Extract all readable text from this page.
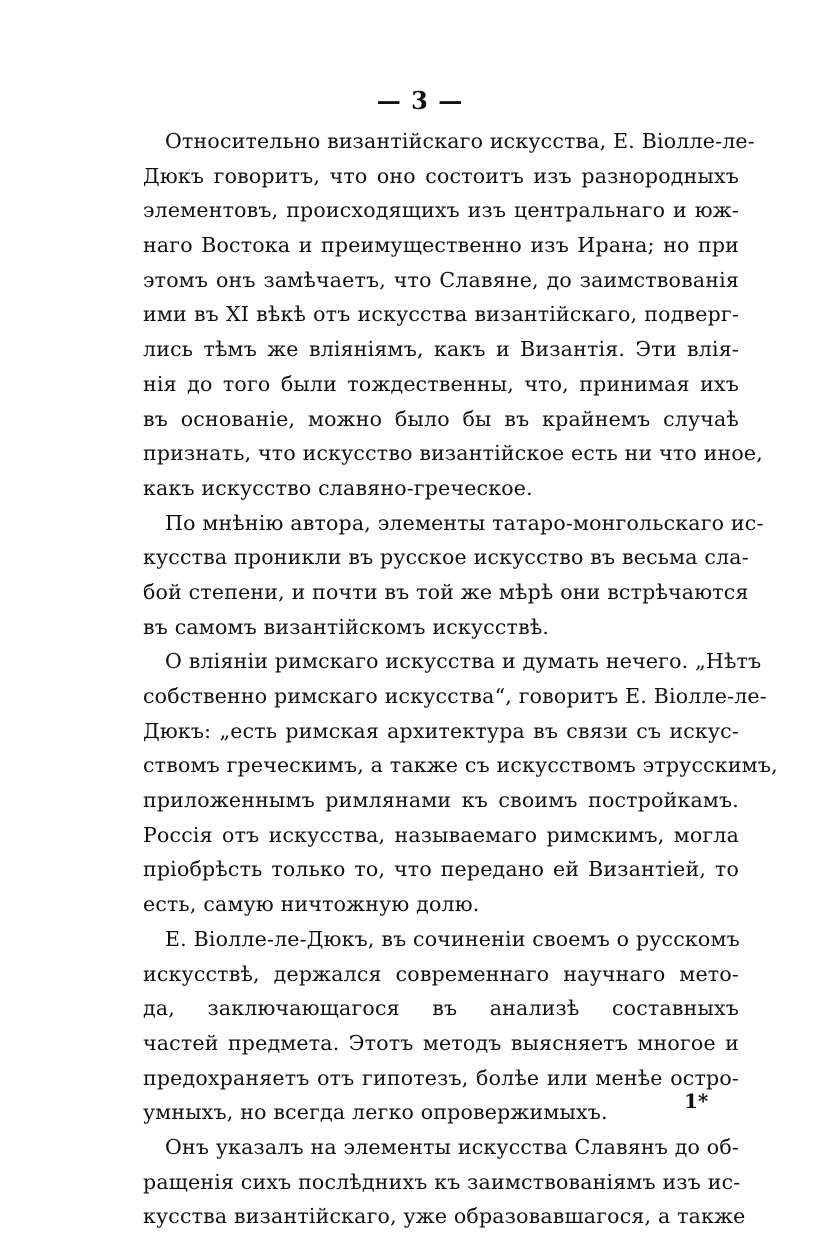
— 3 —
Относительно византійскаго искусства, Е. Віолле-ле-
Дюкъ говоритъ, что оно состоитъ изъ разнородныхъ
элементовъ, происходящихъ изъ центральнаго и юж-
наго Востока и преимущественно изъ Ирана; но при
этомъ онъ замѣчаетъ, что Славяне, до заимствованія
ими въ XI вѣкѣ отъ искусства византійскаго, подверг-
лись тѣмъ же вліяніямъ, какъ и Византія. Эти влія-
нія до того были тождественны, что, принимая ихъ
въ основаніе, можно было бы въ крайнемъ случаѣ
признать, что искусство византійское есть ни что иное,
какъ искусство славяно-греческое.
По мнѣнію автора, элементы татаро-монгольскаго ис-
кусства проникли въ русское искусство въ весьма сла-
бой степени, и почти въ той же мѣрѣ они встрѣчаются
въ самомъ византійскомъ искусствѣ.
О вліяніи римскаго искусства и думать нечего. „Нѣтъ
собственно римскаго искусства“, говоритъ Е. Віолле-ле-
Дюкъ: „есть римская архитектура въ связи съ искус-
ствомъ греческимъ, а также съ искусствомъ этрусскимъ,
приложеннымъ римлянами къ своимъ постройкамъ.
Россія отъ искусства, называемаго римскимъ, могла
пріобрѣсть только то, что передано ей Византіей, то
есть, самую ничтожную долю.
Е. Віолле-ле-Дюкъ, въ сочиненіи своемъ о русскомъ
искусствѣ, держался современнаго научнаго мето-
да, заключающагося въ анализѣ составныхъ
частей предмета. Этотъ методъ выясняетъ многое и
предохраняетъ отъ гипотезъ, болѣе или менѣе остро-
умныхъ, но всегда легко опровержимыхъ.
Онъ указалъ на элементы искусства Славянъ до об-
ращенія сихъ послѣднихъ къ заимствованіямъ изъ ис-
кусства византійскаго, уже образовавшагося, а также
1*
